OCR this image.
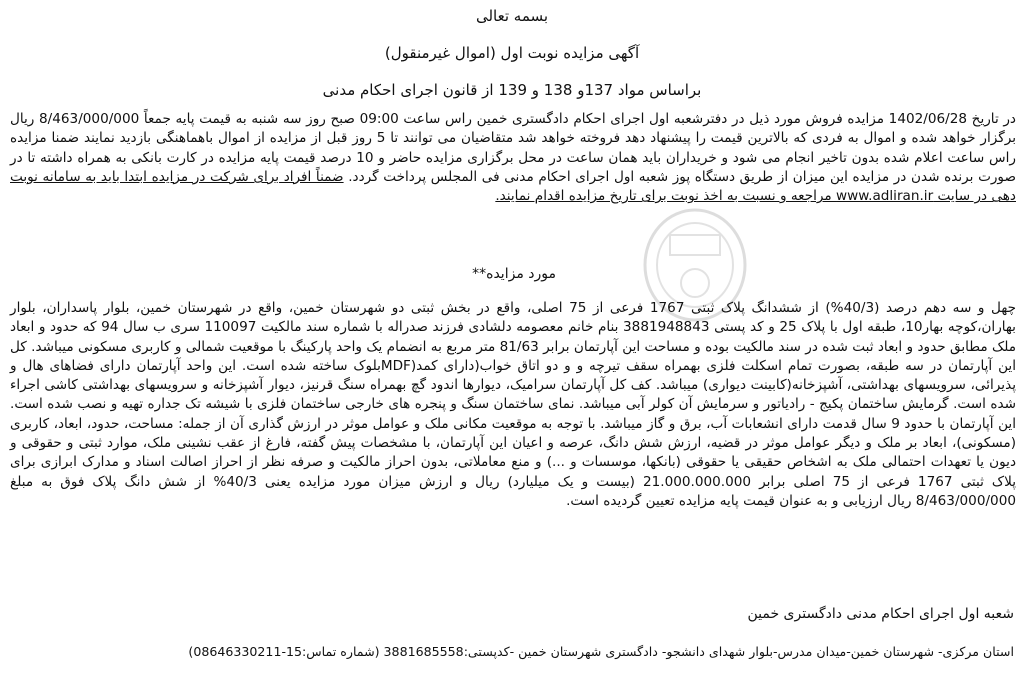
بسمه تعالی
آگهی مزایده نوبت اول (اموال غیرمنقول)
براساس مواد 137و 138 و 139 از قانون اجرای احکام مدنی
در تاریخ 1402/06/28 مزایده فروش مورد ذیل در دفترشعبه اول اجرای احکام دادگستری خمین راس ساعت 09:00 صبح روز سه شنبه به قیمت پایه جمعاً 8/463/000/000 ریال برگزار خواهد شده و اموال به فردی که بالاترین قیمت را پیشنهاد دهد فروخته خواهد شد متقاضیان می توانند تا 5 روز قبل از مزایده از اموال باهماهنگی بازدید نمایند ضمنا مزایده راس ساعت اعلام شده بدون تاخیر انجام می شود و خریداران باید همان ساعت در محل برگزاری مزایده حاضر و 10 درصد قیمت پایه مزایده در کارت بانکی به همراه داشته تا در صورت برنده شدن در مزایده این میزان از طریق دستگاه پوز شعبه اول اجرای احکام مدنی فی المجلس پرداخت گردد. ضمناً افراد برای شرکت در مزایده ابتدا باید به سامانه نوبت دهی در سایت www.adliran.ir مراجعه و نسبت به اخذ نوبت برای تاریخ مزایده اقدام نمایند.
مورد مزایده**
چهل و سه دهم درصد (40/3%) از ششدانگ پلاک ثبتی 1767 فرعی از 75 اصلی، واقع در بخش ثبتی دو شهرستان خمین، واقع در شهرستان خمین، بلوار پاسداران، بلوار بهاران،کوچه بهار10، طبقه اول با پلاک 25 و کد پستی 3881948843 بنام خانم معصومه دلشادی فرزند صدراله با شماره سند مالکیت 110097 سری ب سال 94 که حدود و ابعاد ملک مطابق حدود و ابعاد ثبت شده در سند مالکیت بوده و مساحت این آپارتمان برابر 81/63 متر مربع به انضمام یک واحد پارکینگ با موقعیت شمالی و کاربری مسکونی میباشد. کل این آپارتمان در سه طبقه، بصورت تمام اسکلت فلزی بهمراه سقف تیرچه و و دو اتاق خواب(دارای کمد(MDFبلوک ساخته شده است. این واحد آپارتمان دارای فضاهای هال و پذیرائی، سرویسهای بهداشتی، آشپزخانه(کابینت دیواری) میباشد. کف کل آپارتمان سرامیک، دیوارها اندود گچ بهمراه سنگ قرنیز، دیوار آشپزخانه و سرویسهای بهداشتی کاشی اجراء شده است. گرمایش ساختمان پکیج - رادیاتور و سرمایش آن کولر آبی میباشد. نمای ساختمان سنگ و پنجره های خارجی ساختمان فلزی با شیشه تک جداره تهیه و نصب شده است. این آپارتمان با حدود 9 سال قدمت دارای انشعابات آب، برق و گاز میباشد. با توجه به موقعیت مکانی ملک و عوامل موثر در ارزش گذاری آن از جمله: مساحت، حدود، ابعاد، کاربری (مسکونی)، ابعاد بر ملک و دیگر عوامل موثر در قضیه، ارزش شش دانگ، عرصه و اعیان این آپارتمان، با مشخصات پیش گفته، فارغ از عقب نشینی ملک، موارد ثبتی و حقوقی و دیون یا تعهدات احتمالی ملک به اشخاص حقیقی یا حقوقی (بانکها، موسسات و ...) و منع معاملاتی، بدون احراز مالکیت و صرفه نظر از احراز اصالت اسناد و مدارک ابرازی برای پلاک ثبتی 1767 فرعی از 75 اصلی برابر 21.000.000.000 (بیست و یک میلیارد) ریال و ارزش میزان مورد مزایده یعنی 40/3% از شش دانگ پلاک فوق به مبلغ 8/463/000/000 ریال ارزیابی و به عنوان قیمت پایه مزایده تعیین گردیده است.
شعبه اول اجرای احکام مدنی دادگستری خمین
استان مرکزی- شهرستان خمین-میدان مدرس-بلوار شهدای دانشجو- دادگستری شهرستان خمین -کدپستی:3881685558 (شماره تماس:15-08646330211)
